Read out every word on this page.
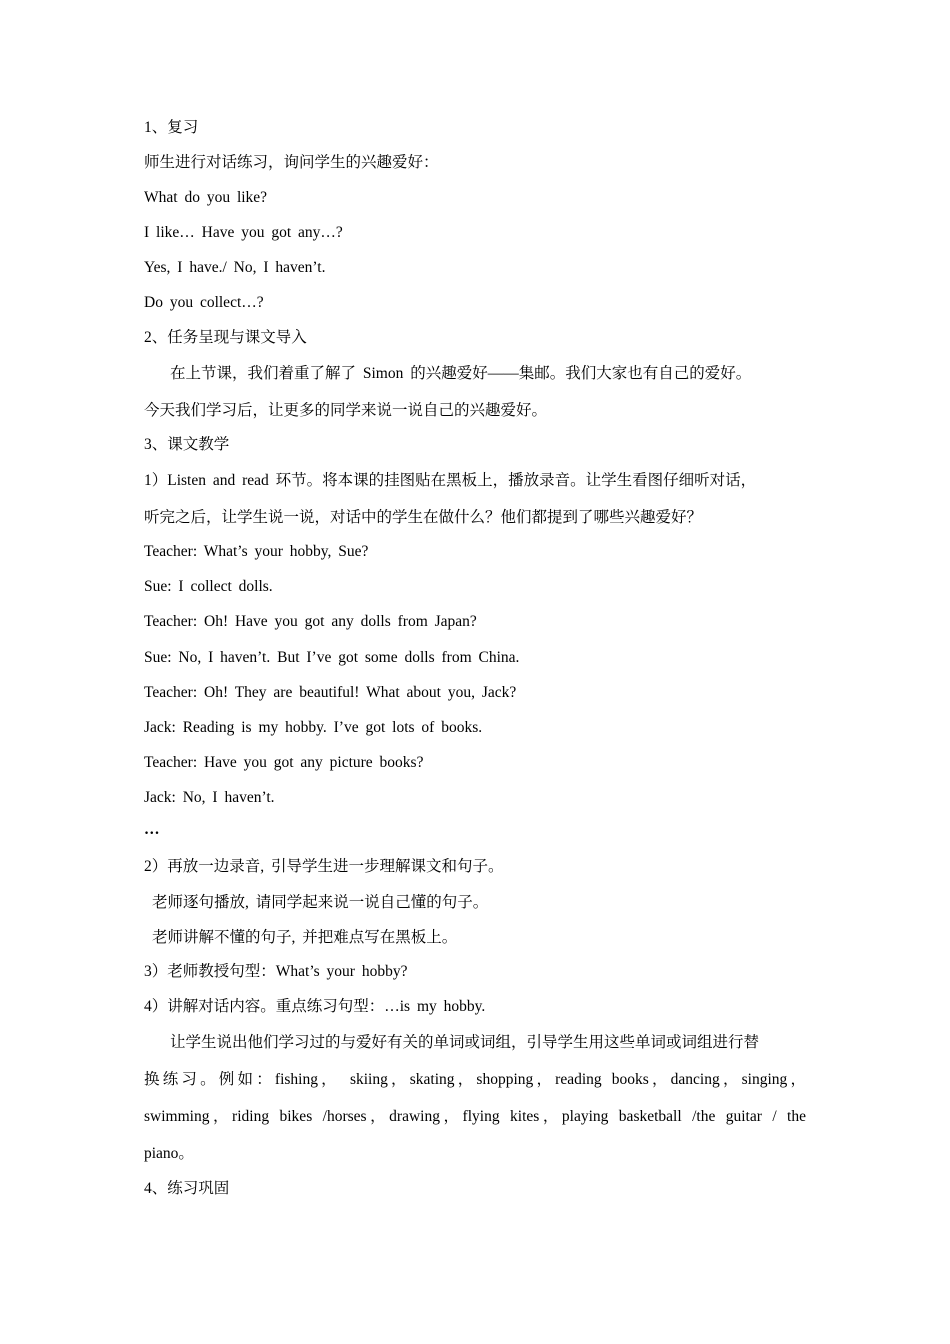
1、复习
师生进行对话练习，询问学生的兴趣爱好：
What do you like?
I like… Have you got any…?
Yes, I have./ No, I haven’t.
Do you collect…?
2、任务呈现与课文导入
在上节课，我们着重了解了 Simon 的兴趣爱好——集邮。我们大家也有自己的爱好。
今天我们学习后，让更多的同学来说一说自己的兴趣爱好。
3、课文教学
1）Listen and read 环节。将本课的挂图贴在黑板上，播放录音。让学生看图仔细听对话，
听完之后，让学生说一说，对话中的学生在做什么？他们都提到了哪些兴趣爱好？
Teacher: What’s your hobby, Sue?
Sue: I collect dolls.
Teacher: Oh! Have you got any dolls from Japan?
Sue: No, I haven’t. But I’ve got some dolls from China.
Teacher: Oh! They are beautiful! What about you, Jack?
Jack: Reading is my hobby. I’ve got lots of books.
Teacher: Have you got any picture books?
Jack: No, I haven’t.
…
2）再放一边录音, 引导学生进一步理解课文和句子。
老师逐句播放, 请同学起来说一说自己懂的句子。
老师讲解不懂的句子, 并把难点写在黑板上。
3）老师教授句型：What’s your hobby?
4）讲解对话内容。重点练习句型：…is my hobby.
让学生说出他们学习过的与爱好有关的单词或词组，引导学生用这些单词或词组进行替
换练习。例如：fishing， skiing，skating，shopping，reading books，dancing，singing，
swimming，riding bikes /horses，drawing，flying kites，playing basketball /the guitar / the
piano。
4、练习巩固
